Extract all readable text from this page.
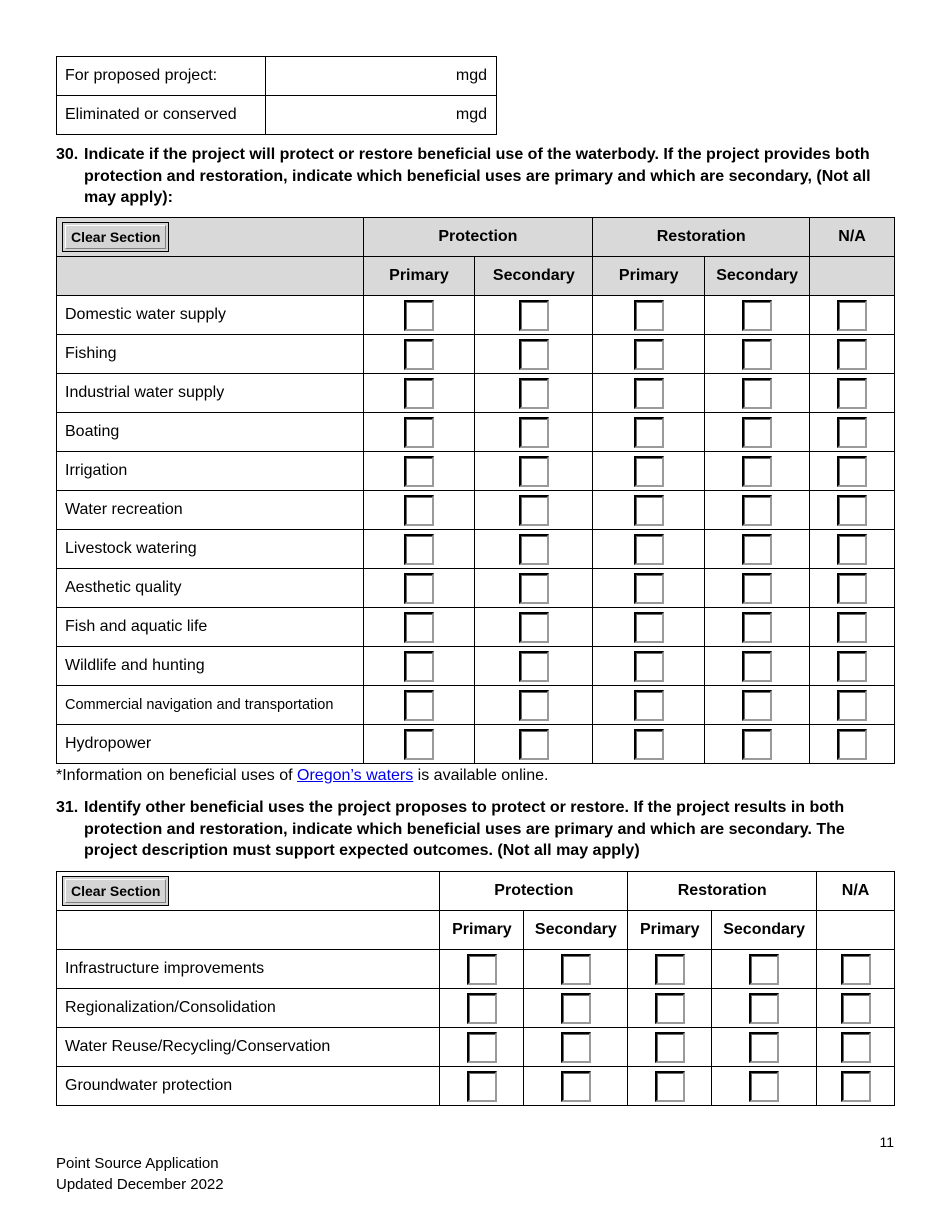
For proposed project:	mgd
Eliminated or conserved	mgd
30. Indicate if the project will protect or restore beneficial use of the waterbody. If the project provides both protection and restoration, indicate which beneficial uses are primary and which are secondary, (Not all may apply):
Clear Section	Protection		Restoration		N/A
	Primary	Secondary	Primary	Secondary	
Domestic water supply					
Fishing					
Industrial water supply					
Boating					
Irrigation					
Water recreation					
Livestock watering					
Aesthetic quality					
Fish and aquatic life					
Wildlife and hunting					
Commercial navigation and transportation					
Hydropower					
*Information on beneficial uses of Oregon’s waters is available online.
31. Identify other beneficial uses the project proposes to protect or restore. If the project results in both protection and restoration, indicate which beneficial uses are primary and which are secondary. The project description must support expected outcomes. (Not all may apply)
Clear Section	Protection		Restoration		N/A
	Primary	Secondary	Primary	Secondary	
Infrastructure improvements					
Regionalization/Consolidation					
Water Reuse/Recycling/Conservation					
Groundwater protection					
11
Point Source Application
Updated December 2022
